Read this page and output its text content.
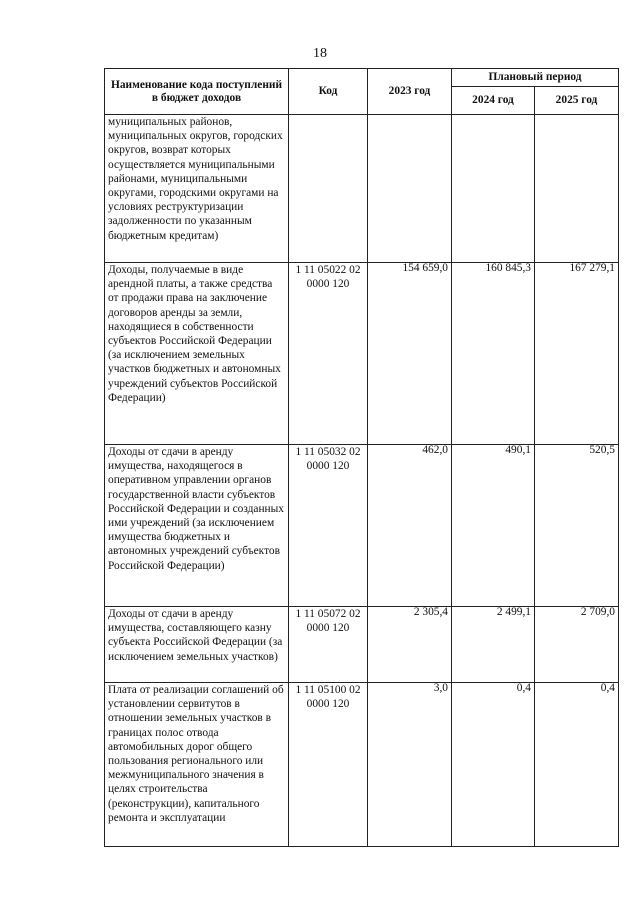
18
Наименование кода поступлений в бюджет доходов	Код	2023 год	Плановый период	
			2024 год	2025 год
муниципальных районов, муниципальных округов, городских округов, возврат которых осуществляется муниципальными районами, муниципальными округами, городскими округами на условиях реструктуризации задолженности по указанным бюджетным кредитам)				
Доходы, получаемые в виде арендной платы, а также средства от продажи права на заключение договоров аренды за земли, находящиеся в собственности субъектов Российской Федерации (за исключением земельных участков бюджетных и автономных учреждений субъектов Российской Федерации)	1 11 05022 02 0000 120	154 659,0	160 845,3	167 279,1
Доходы от сдачи в аренду имущества, находящегося в оперативном управлении органов государственной власти субъектов Российской Федерации и созданных ими учреждений (за исключением имущества бюджетных и автономных учреждений субъектов Российской Федерации)	1 11 05032 02 0000 120	462,0	490,1	520,5
Доходы от сдачи в аренду имущества, составляющего казну субъекта Российской Федерации (за исключением земельных участков)	1 11 05072 02 0000 120	2 305,4	2 499,1	2 709,0
Плата от реализации соглашений об установлении сервитутов в отношении земельных участков в границах полос отвода автомобильных дорог общего пользования регионального или межмуниципального значения в целях строительства (реконструкции), капитального ремонта и эксплуатации	1 11 05100 02 0000 120	3,0	0,4	0,4
